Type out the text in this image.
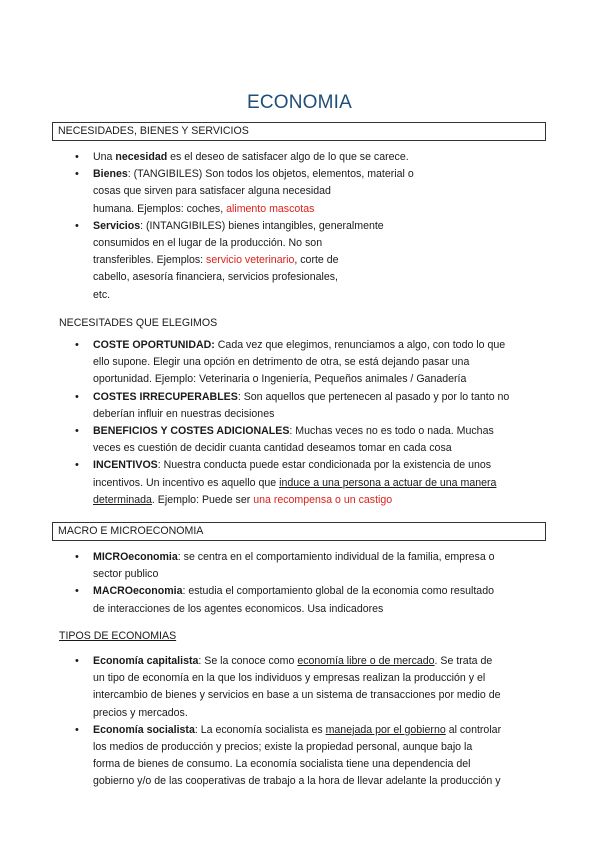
ECONOMIA
NECESIDADES, BIENES Y SERVICIOS
• Una necesidad es el deseo de satisfacer algo de lo que se carece.
• Bienes: (TANGIBILES) Son todos los objetos, elementos, material o
cosas que sirven para satisfacer alguna necesidad
humana. Ejemplos: coches, alimento mascotas
• Servicios: (INTANGIBILES) bienes intangibles, generalmente
consumidos en el lugar de la producción. No son
transferibles. Ejemplos: servicio veterinario, corte de
cabello, asesoría financiera, servicios profesionales,
etc.
NECESITADES QUE ELEGIMOS
• COSTE OPORTUNIDAD: Cada vez que elegimos, renunciamos a algo, con todo lo que
ello supone. Elegir una opción en detrimento de otra, se está dejando pasar una
oportunidad. Ejemplo: Veterinaria o Ingeniería, Pequeños animales / Ganadería
• COSTES IRRECUPERABLES: Son aquellos que pertenecen al pasado y por lo tanto no
deberían influir en nuestras decisiones
• BENEFICIOS Y COSTES ADICIONALES: Muchas veces no es todo o nada. Muchas
veces es cuestión de decidir cuanta cantidad deseamos tomar en cada cosa
• INCENTIVOS: Nuestra conducta puede estar condicionada por la existencia de unos
incentivos. Un incentivo es aquello que induce a una persona a actuar de una manera
determinada. Ejemplo: Puede ser una recompensa o un castigo
MACRO E MICROECONOMIA
• MICROeconomia: se centra en el comportamiento individual de la familia, empresa o
sector publico
• MACROeconomia: estudia el comportamiento global de la economia como resultado
de interacciones de los agentes economicos. Usa indicadores
TIPOS DE ECONOMIAS
• Economía capitalista: Se la conoce como economía libre o de mercado. Se trata de
un tipo de economía en la que los individuos y empresas realizan la producción y el
intercambio de bienes y servicios en base a un sistema de transacciones por medio de
precios y mercados.
• Economía socialista: La economía socialista es manejada por el gobierno al controlar
los medios de producción y precios; existe la propiedad personal, aunque bajo la
forma de bienes de consumo. La economía socialista tiene una dependencia del
gobierno y/o de las cooperativas de trabajo a la hora de llevar adelante la producción y
